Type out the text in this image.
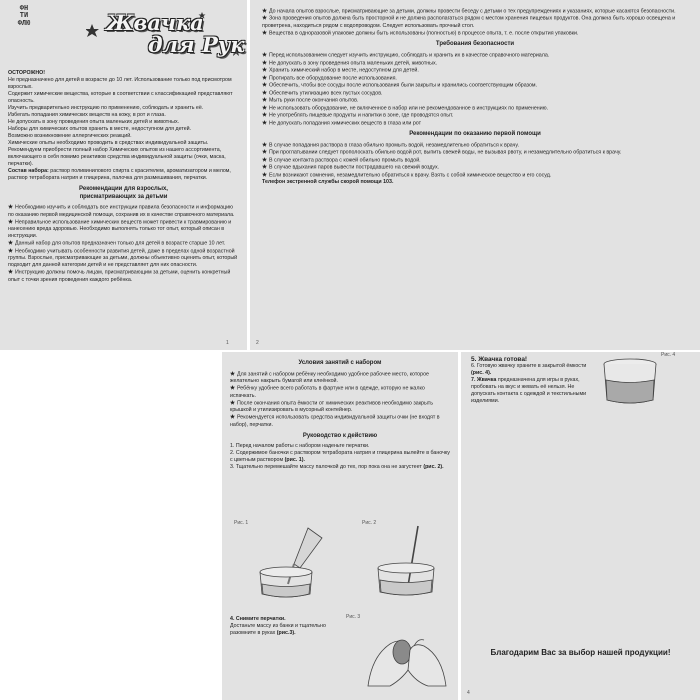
ФН
ТИ
ФЛЮ	Жвачка
для Рук

ОСТОРОЖНО!

Не предназначено для детей в возрасте до 10 лет. Использование только под присмотром взрослых.

Содержит химические вещества, которые в соответствии с классификацией представляют опасность.

Изучить предварительно инструкцию по применению, соблюдать и хранить её.

Избегать попадания химических веществ на кожу, в рот и глаза.

Не допускать в зону проведения опыта маленьких детей и животных.

Наборы для химических опытов хранить в месте, недоступном для детей.

Возможно возникновение аллергических реакций.

Химические опыты необходимо проводить в средствах индивидуальной защиты. Рекомендуем приобрести полный набор Химических опытов из нашего ассортимента, включающего в себя помимо реактивов средства индивидуальной защиты (очки, маска, перчатки).

Состав набора: раствор поливинилового спирта с красителем, ароматизатором и мелом, раствор тетрабората натрия и глицерина, палочка для размешивания, перчатки.

Рекомендации для взрослых,
присматривающих за детьми

Необходимо изучить и соблюдать все инструкции правила безопасности и информацию по оказанию первой медицинской помощи, сохранив их в качестве справочного материала.

Неправильное использование химических веществ может привести к травмированию и нанесению вреда здоровью. Необходимо выполнять только тот опыт, который описан в инструкции.

Данный набор для опытов предназначен только для детей в возрасте старше 10 лет.

Необходимо учитывать особенности развития детей, даже в пределах одной возрастной группы. Взрослые, присматривающие за детьми, должны объективно оценить опыт, который подходит для данной категории детей и не представляет для них опасности.

Инструкцию должны помочь лицам, присматривающим за детьми, оценить конкретный опыт с точки зрения проведения каждого ребёнка.

1

До начала опытов взрослые, присматривающие за детьми, должны провести беседу с детьми о тех предупреждениях и указаниях, которые касаются безопасности.

Зона проведения опытов должна быть просторной и не должна располагаться рядом с местом хранения пищевых продуктов. Она должна быть хорошо освещена и проветрена, находиться рядом с водопроводом. Следует использовать прочный стол.

Вещества в одноразовой упаковке должны быть использованы (полностью) в процессе опыта, т. е. после открытия упаковки.

Требования безопасности

Перед использованием следует изучить инструкцию, соблюдать и хранить их в качестве справочного материала.

Не допускать в зону проведения опыта маленьких детей, животных.

Хранить химический набор в месте, недоступном для детей.

Протирать все оборудование после использования.

Обеспечить, чтобы все сосуды после использования были закрыты и хранились соответствующим образом.

Обеспечить утилизацию всех пустых сосудов.

Мыть руки после окончания опытов.

Не использовать оборудование, не включенное в набор или не рекомендованное в инструкциях по применению.

Не употреблять пищевые продукты и напитки в зоне, где проводятся опыт.

Не допускать попадания химических веществ в глаза или рот

Рекомендации по оказанию первой помощи

В случае попадания раствора в глаза обильно промыть водой, незамедлительно обратиться к врачу.

При проглатывании следует прополоскать обильно водой рот, выпить свежей воды, не вызывая рвоту, и незамедлительно обратиться к врачу.

В случае контакта раствора с кожей обильно промыть водой.

В случае вдыхания паров вывести пострадавшего на свежий воздух.

Если возникают сомнения, незамедлительно обратиться к врачу. Взять с собой химическое вещество и его сосуд.

Телефон экстренной службы скорой помощи 103.

2

Условия занятий с набором

Для занятий с набором ребёнку необходимо удобное рабочее место, которое желательно накрыть бумагой или клеёнкой.

Ребёнку удобнее всего работать в фартуке или в одежде, которую не жалко испачкать.

После окончания опыта ёмкости от химических реактивов необходимо закрыть крышкой и утилизировать в мусорный контейнер.

Рекомендуется использовать средства индивидуальной защиты очки (не входят в набор), перчатки.

Руководство к действию

1. Перед началом работы с набором наденьте перчатки.

2. Содержимое баночки с раствором тетрабората натрия и глицерина вылейте в баночку с цветным раствором (рис. 1).

3. Тщательно перемешайте массу палочкой до тех, пор пока она не загустеет (рис. 2).

Рис. 1	Рис. 2

4. Снимите перчатки.

Достаньте массу из банки и тщательно разомните в руках (рис.3).

Рис. 3

5. Жвачка готова!

6. Готовую жвачку храните в закрытой ёмкости (рис. 4).

7. Жвачка предназначена для игры в руках, пробовать на вкус и жевать её нельзя. Не допускать контакта с одеждой и текстильными изделиями.

Рис. 4

Благодарим Вас за выбор нашей продукции!

4
